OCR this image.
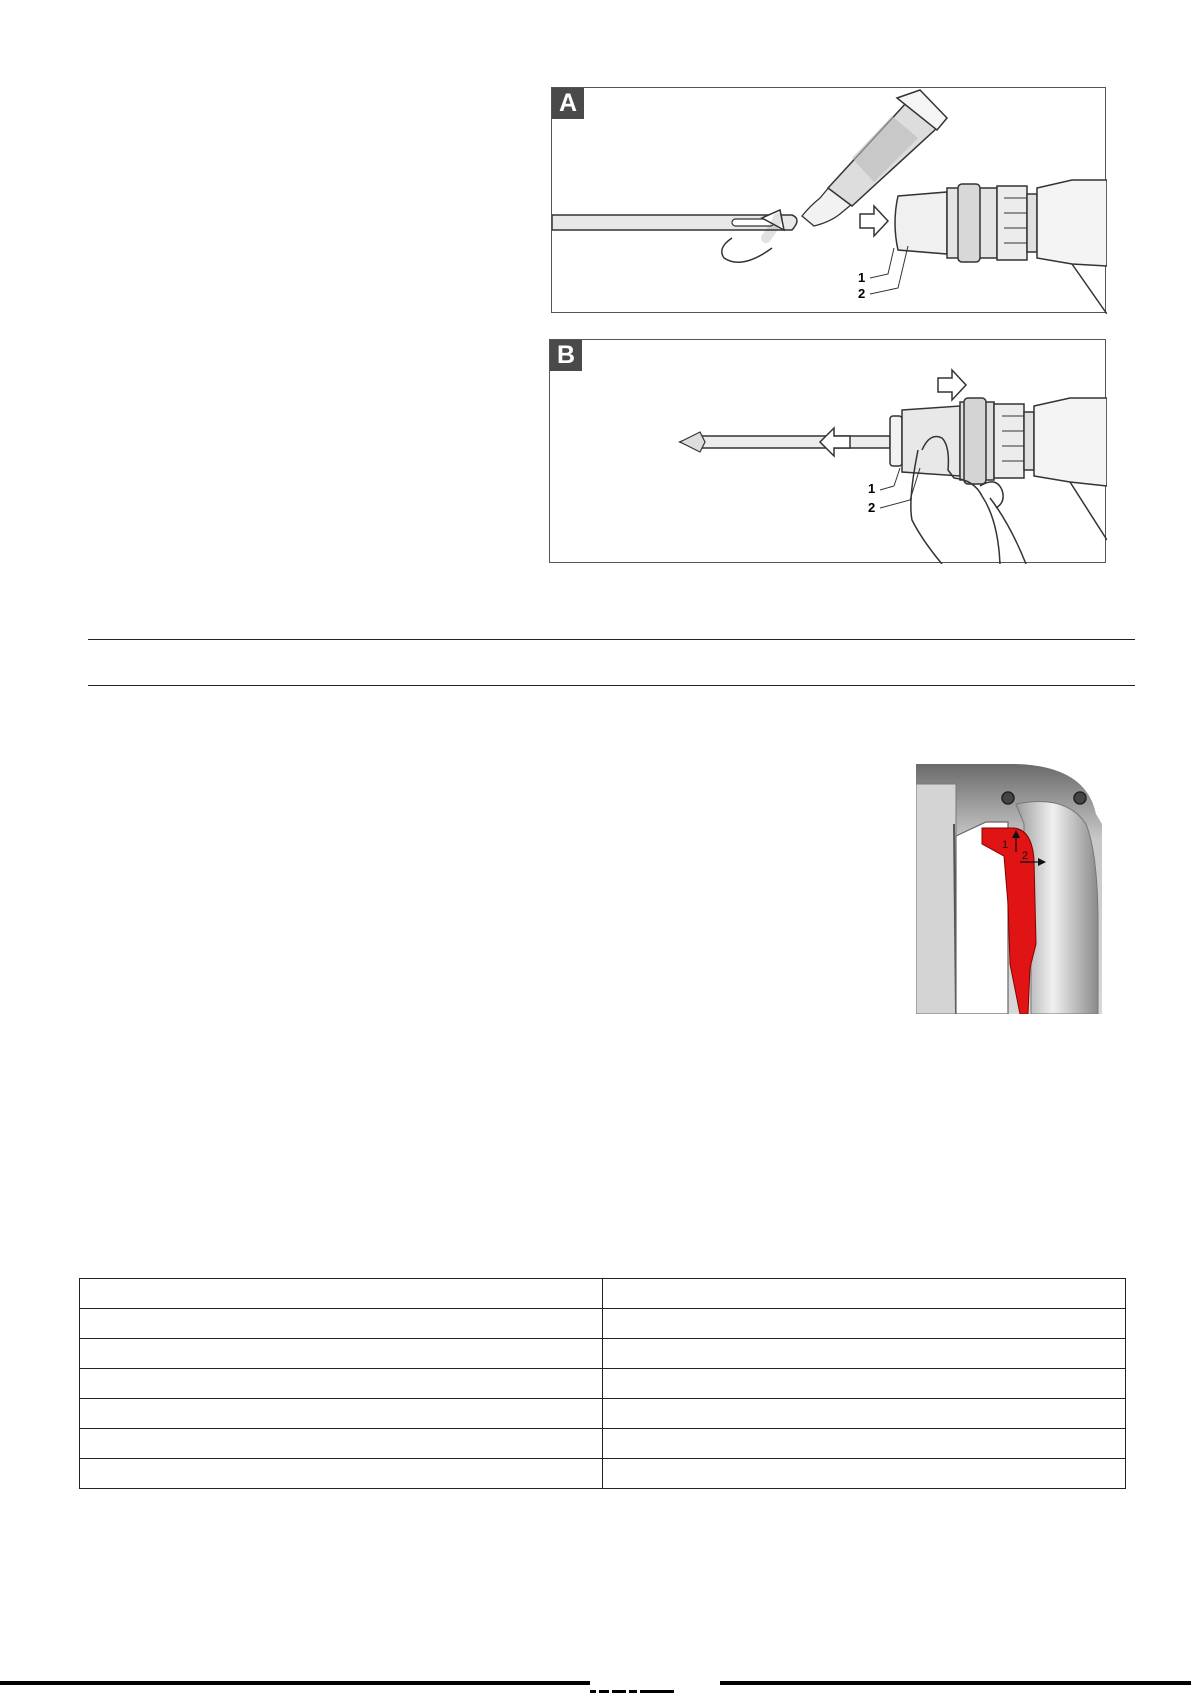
1
2
A
1
2
B
1
2
